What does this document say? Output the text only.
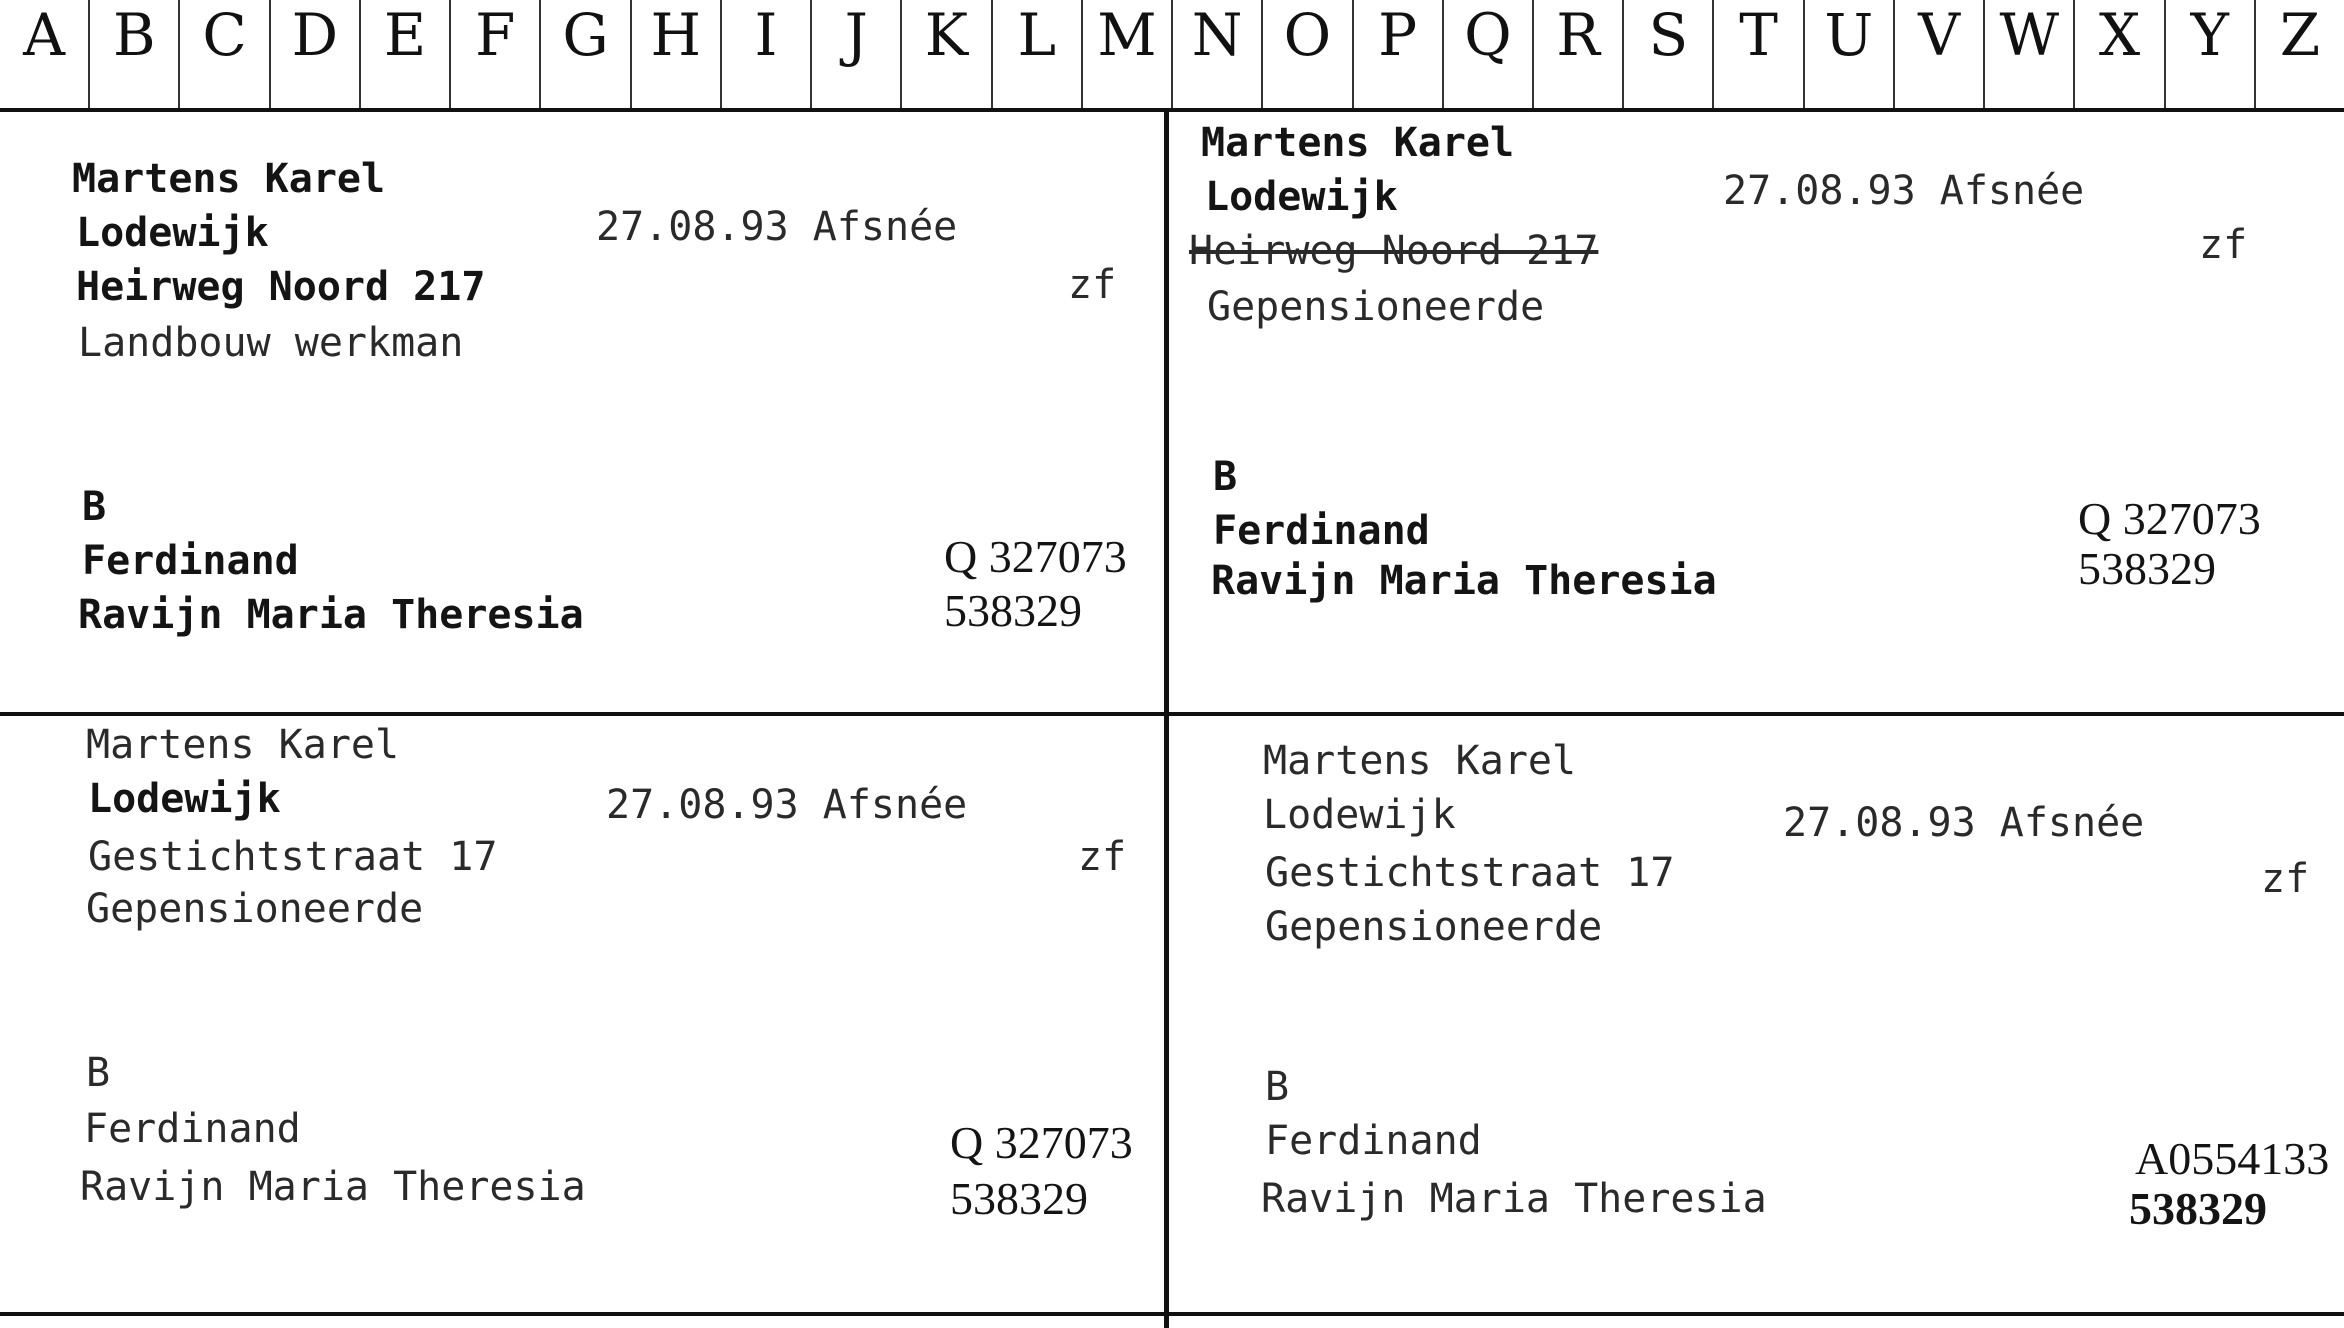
A B C D E F G H I	J K L M N O P Q R S T U V W X Y Z
Martens Karel
Lodewijk	27.08.93 Afsnée
Heirweg Noord 217	zf
Landbouw werkman
B
Ferdinand	Q 327073
Ravijn Maria Theresia	538329
Martens Karel
Lodewijk	27.08.93 Afsnée
Heirweg Noord 217	zf
Gepensioneerde
B
Ferdinand	Q 327073
Ravijn Maria Theresia	538329
Martens Karel
Lodewijk	27.08.93 Afsnée
Gestichtstraat 17	zf
Gepensioneerde
B
Ferdinand	Q 327073
Ravijn Maria Theresia	538329
Martens Karel
Lodewijk	27.08.93 Afsnée
Gestichtstraat 17	zf
Gepensioneerde
B
Ferdinand	A0554133
Ravijn Maria Theresia	538329
